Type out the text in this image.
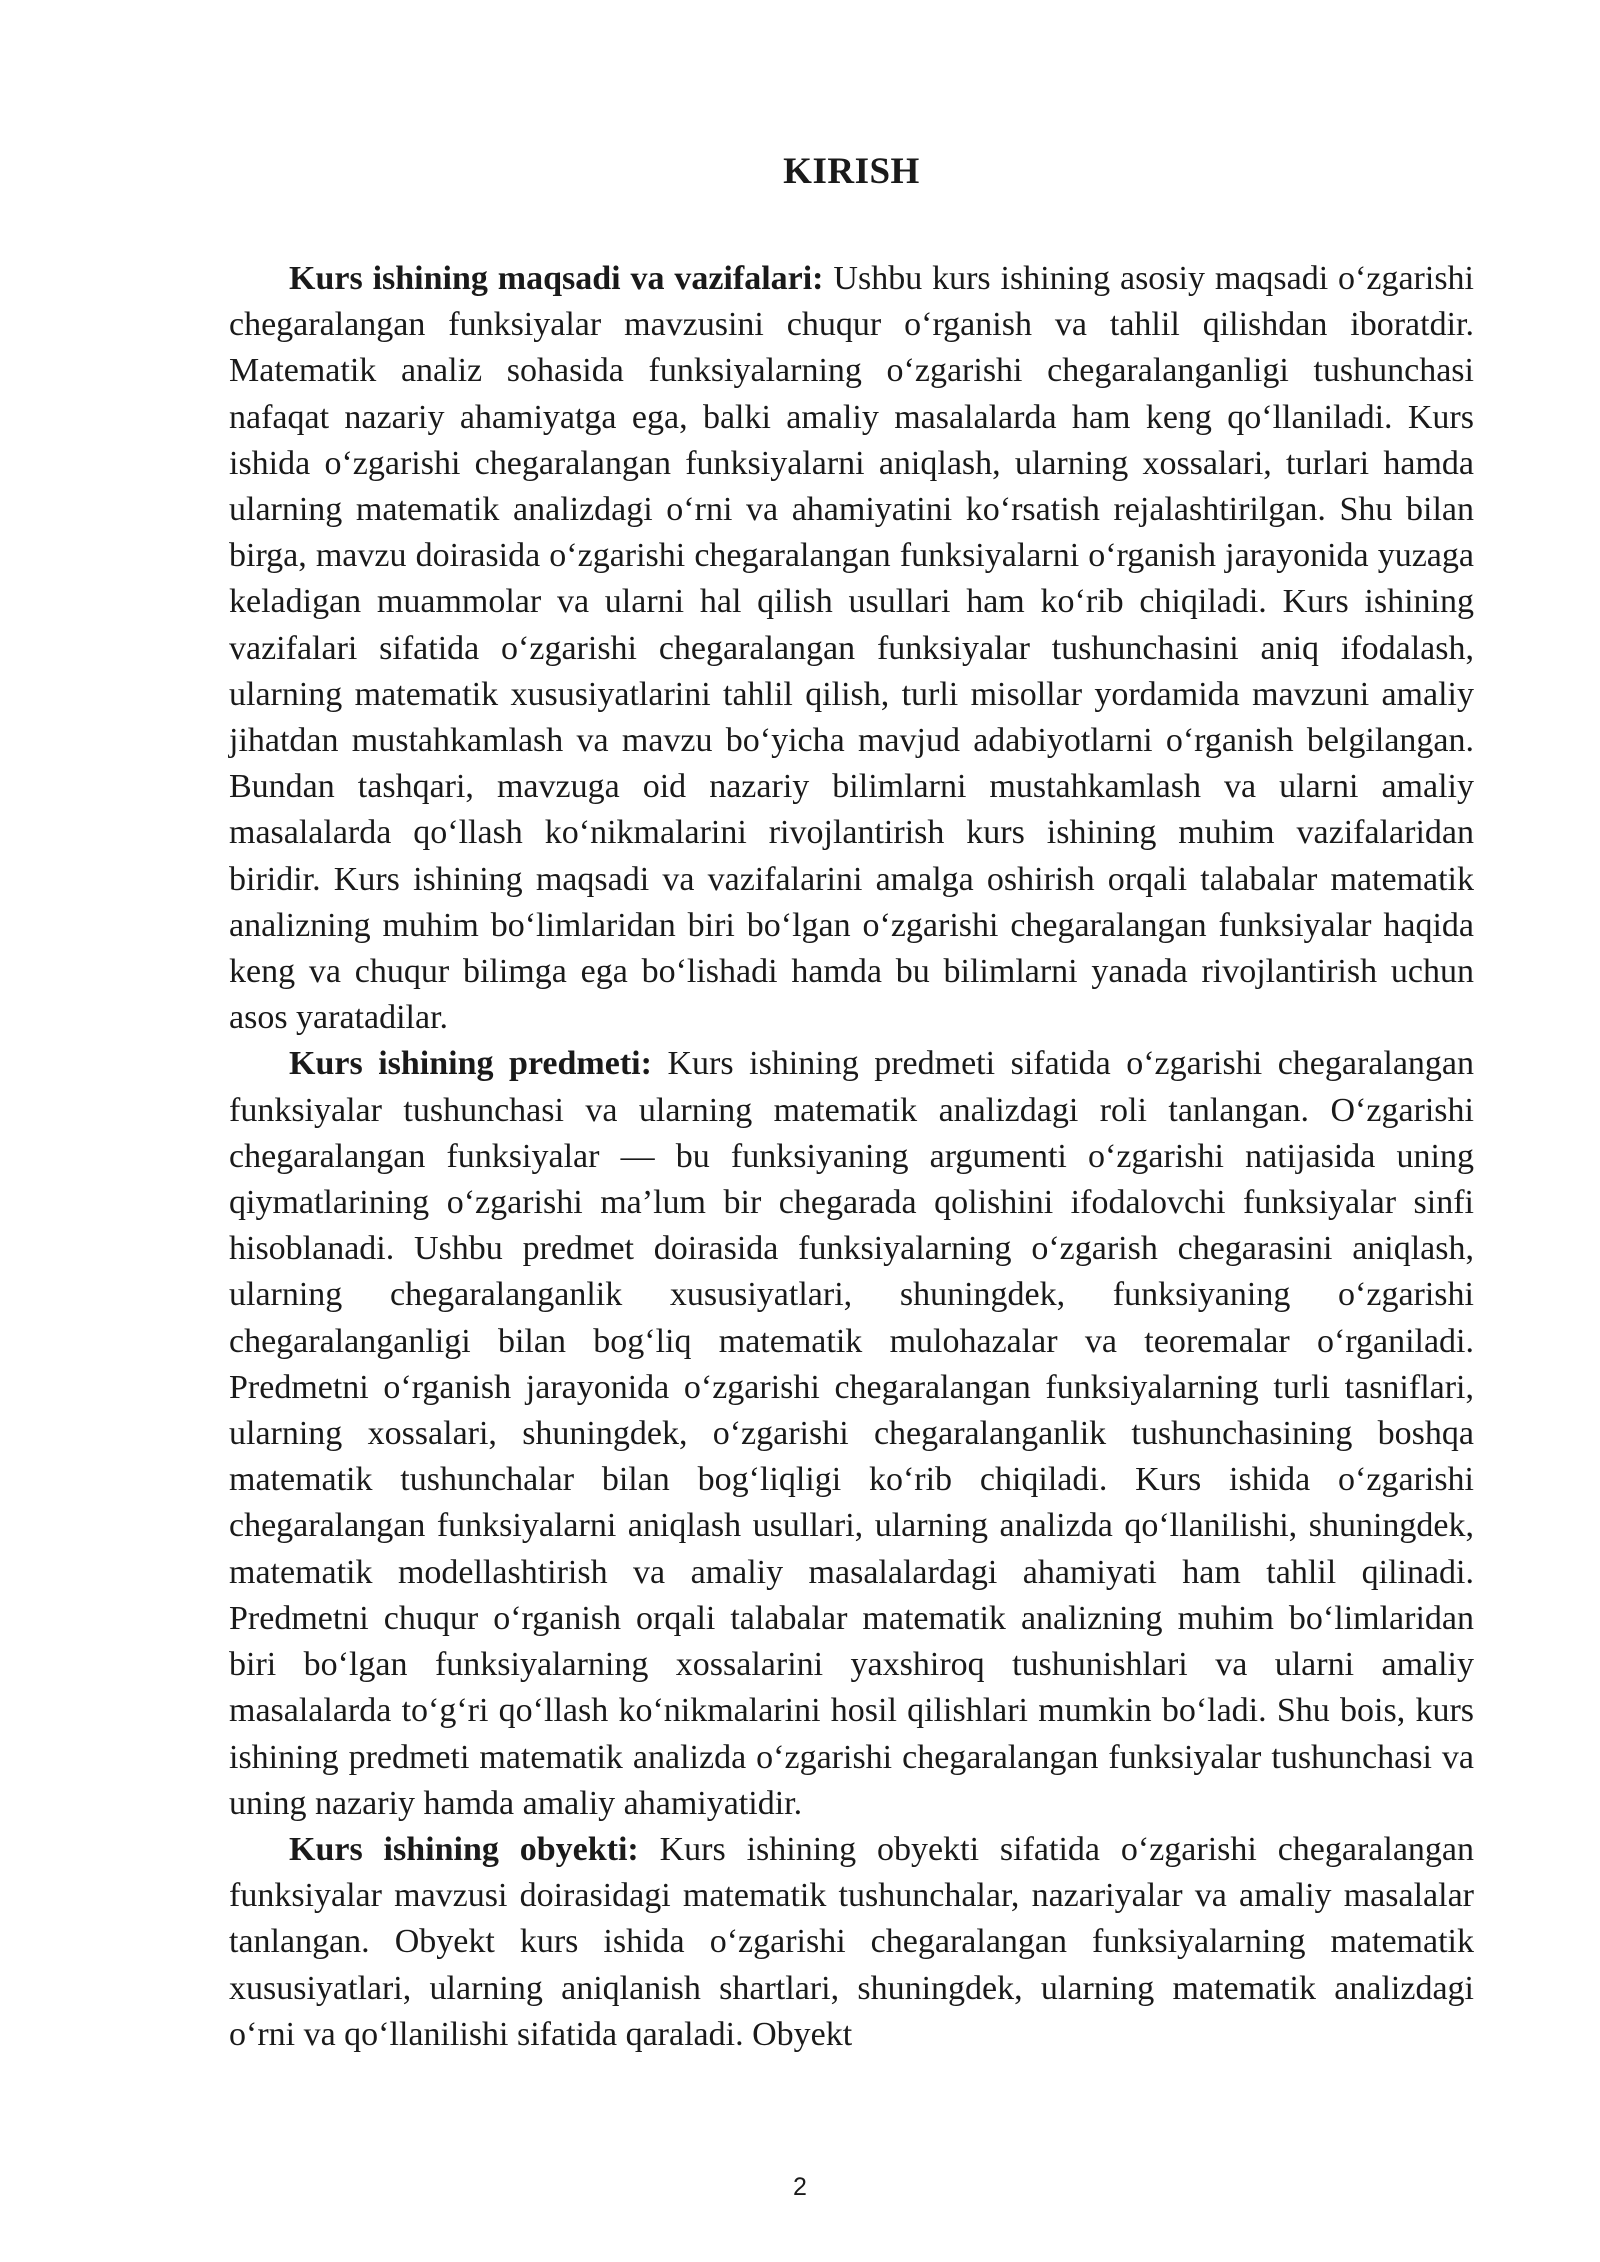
KIRISH

Kurs ishining maqsadi va vazifalari: Ushbu kurs ishining asosiy maqsadi o‘zgarishi chegaralangan funksiyalar mavzusini chuqur o‘rganish va tahlil qilishdan iboratdir. Matematik analiz sohasida funksiyalarning o‘zgarishi chegaralanganligi tushunchasi nafaqat nazariy ahamiyatga ega, balki amaliy masalalarda ham keng qo‘llaniladi. Kurs ishida o‘zgarishi chegaralangan funksiyalarni aniqlash, ularning xossalari, turlari hamda ularning matematik analizdagi o‘rni va ahamiyatini ko‘rsatish rejalashtirilgan. Shu bilan birga, mavzu doirasida o‘zgarishi chegaralangan funksiyalarni o‘rganish jarayonida yuzaga keladigan muammolar va ularni hal qilish usullari ham ko‘rib chiqiladi. Kurs ishining vazifalari sifatida o‘zgarishi chegaralangan funksiyalar tushunchasini aniq ifodalash, ularning matematik xususiyatlarini tahlil qilish, turli misollar yordamida mavzuni amaliy jihatdan mustahkamlash va mavzu bo‘yicha mavjud adabiyotlarni o‘rganish belgilangan. Bundan tashqari, mavzuga oid nazariy bilimlarni mustahkamlash va ularni amaliy masalalarda qo‘llash ko‘nikmalarini rivojlantirish kurs ishining muhim vazifalaridan biridir. Kurs ishining maqsadi va vazifalarini amalga oshirish orqali talabalar matematik analizning muhim bo‘limlaridan biri bo‘lgan o‘zgarishi chegaralangan funksiyalar haqida keng va chuqur bilimga ega bo‘lishadi hamda bu bilimlarni yanada rivojlantirish uchun asos yaratadilar.

Kurs ishining predmeti: Kurs ishining predmeti sifatida o‘zgarishi chegaralangan funksiyalar tushunchasi va ularning matematik analizdagi roli tanlangan. O‘zgarishi chegaralangan funksiyalar — bu funksiyaning argumenti o‘zgarishi natijasida uning qiymatlarining o‘zgarishi ma’lum bir chegarada qolishini ifodalovchi funksiyalar sinfi hisoblanadi. Ushbu predmet doirasida funksiyalarning o‘zgarish chegarasini aniqlash, ularning chegaralanganlik xususiyatlari, shuningdek, funksiyaning o‘zgarishi chegaralanganligi bilan bog‘liq matematik mulohazalar va teoremalar o‘rganiladi. Predmetni o‘rganish jarayonida o‘zgarishi chegaralangan funksiyalarning turli tasniflari, ularning xossalari, shuningdek, o‘zgarishi chegaralanganlik tushunchasining boshqa matematik tushunchalar bilan bog‘liqligi ko‘rib chiqiladi. Kurs ishida o‘zgarishi chegaralangan funksiyalarni aniqlash usullari, ularning analizda qo‘llanilishi, shuningdek, matematik modellashtirish va amaliy masalalardagi ahamiyati ham tahlil qilinadi. Predmetni chuqur o‘rganish orqali talabalar matematik analizning muhim bo‘limlaridan biri bo‘lgan funksiyalarning xossalarini yaxshiroq tushunishlari va ularni amaliy masalalarda to‘g‘ri qo‘llash ko‘nikmalarini hosil qilishlari mumkin bo‘ladi. Shu bois, kurs ishining predmeti matematik analizda o‘zgarishi chegaralangan funksiyalar tushunchasi va uning nazariy hamda amaliy ahamiyatidir.

Kurs ishining obyekti: Kurs ishining obyekti sifatida o‘zgarishi chegaralangan funksiyalar mavzusi doirasidagi matematik tushunchalar, nazariyalar va amaliy masalalar tanlangan. Obyekt kurs ishida o‘zgarishi chegaralangan funksiyalarning matematik xususiyatlari, ularning aniqlanish shartlari, shuningdek, ularning matematik analizdagi o‘rni va qo‘llanilishi sifatida qaraladi. Obyekt

2
